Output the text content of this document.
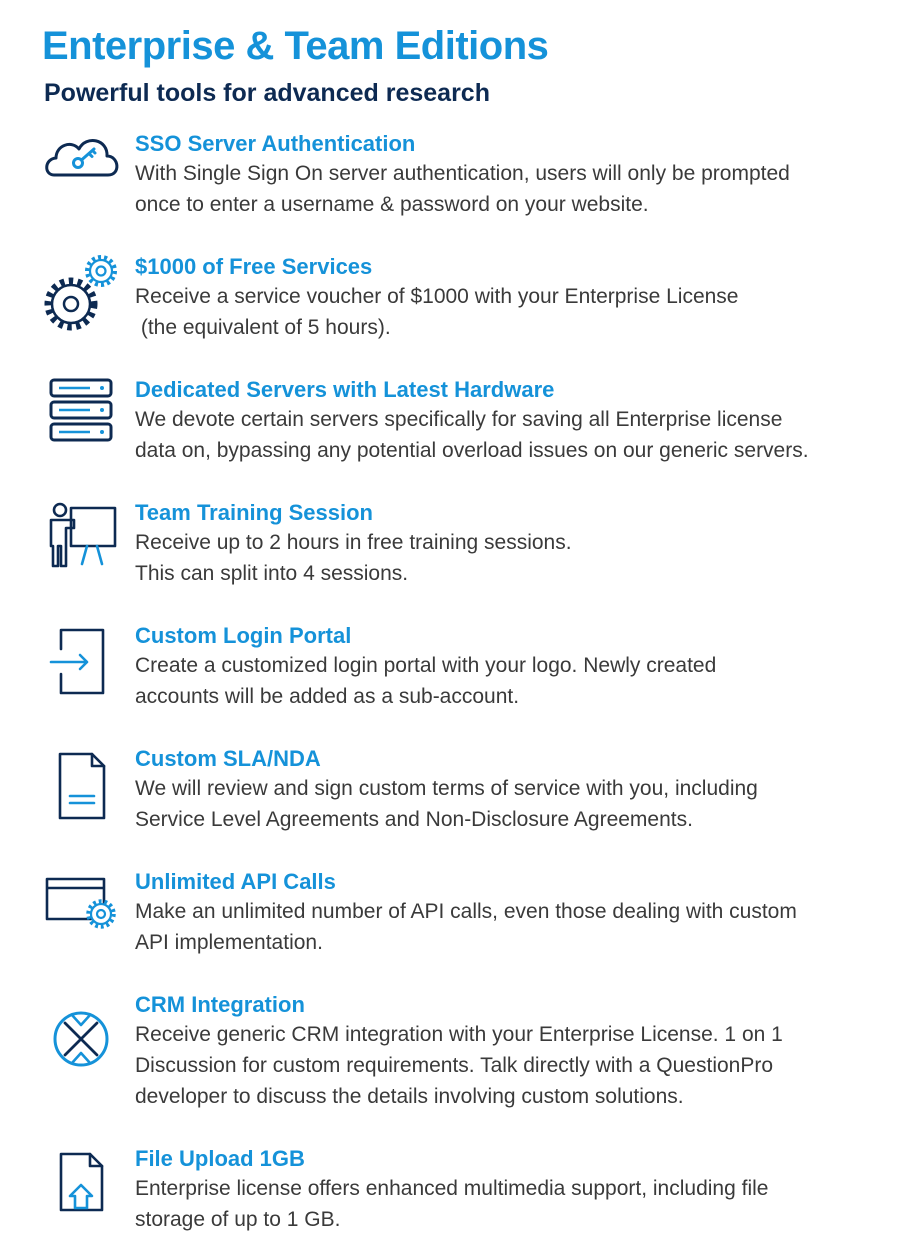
Enterprise & Team Editions
Powerful tools for advanced research

SSO Server Authentication

With Single Sign On server authentication, users will only be prompted
once to enter a username & password on your website.

$1000 of Free Services

Receive a service voucher of $1000 with your Enterprise License
(the equivalent of 5 hours).

Dedicated Servers with Latest Hardware

We devote certain servers specifically for saving all Enterprise license
data on, bypassing any potential overload issues on our generic servers.

Team Training Session

Receive up to 2 hours in free training sessions.
This can split into 4 sessions.

Custom Login Portal

Create a customized login portal with your logo. Newly created
accounts will be added as a sub-account.

Custom SLA/NDA

We will review and sign custom terms of service with you, including
Service Level Agreements and Non-Disclosure Agreements.

Unlimited API Calls

Make an unlimited number of API calls, even those dealing with custom
API implementation.

CRM Integration

Receive generic CRM integration with your Enterprise License. 1 on 1
Discussion for custom requirements. Talk directly with a QuestionPro
developer to discuss the details involving custom solutions.

File Upload 1GB

Enterprise license offers enhanced multimedia support, including file
storage of up to 1 GB.
